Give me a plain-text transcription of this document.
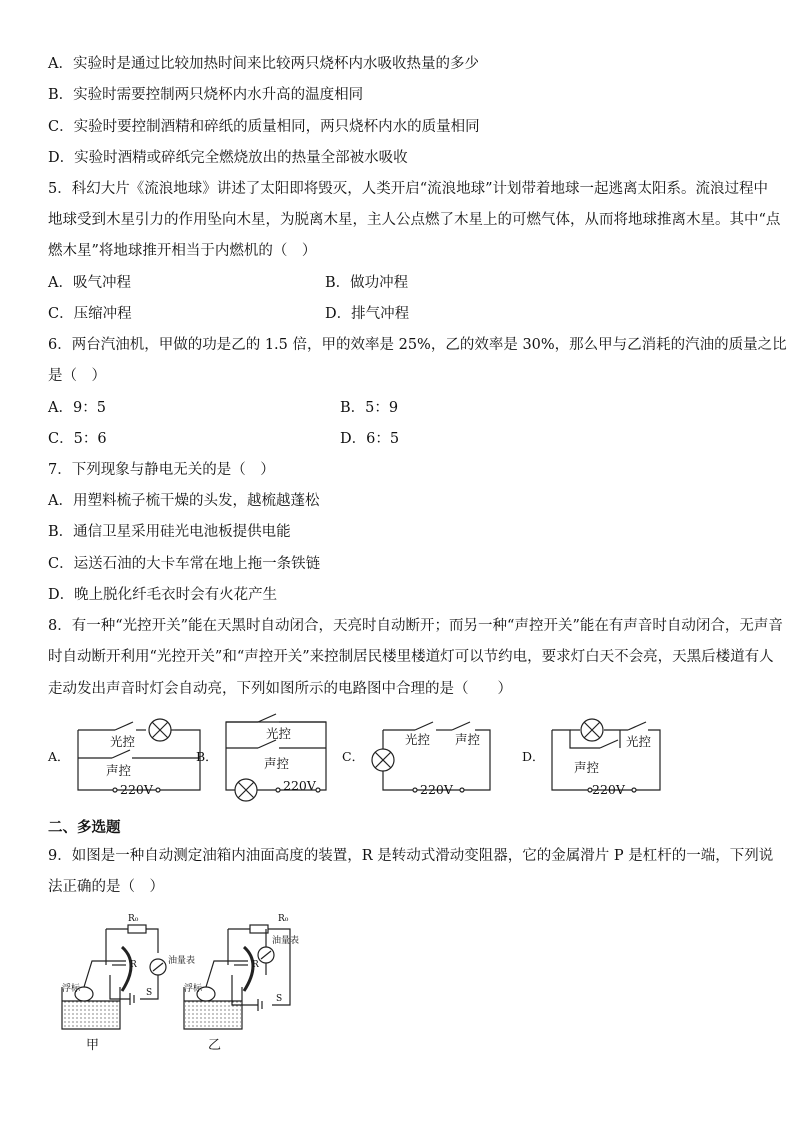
A．实验时是通过比较加热时间来比较两只烧杯内水吸收热量的多少
B．实验时需要控制两只烧杯内水升高的温度相同
C．实验时要控制酒精和碎纸的质量相同，两只烧杯内水的质量相同
D．实验时酒精或碎纸完全燃烧放出的热量全部被水吸收
5．科幻大片《流浪地球》讲述了太阳即将毁灭，人类开启“流浪地球”计划带着地球一起逃离太阳系。流浪过程中
地球受到木星引力的作用坠向木星，为脱离木星，主人公点燃了木星上的可燃气体，从而将地球推离木星。其中“点
燃木星”将地球推开相当于内燃机的（　）
A．吸气冲程	B．做功冲程
C．压缩冲程	D．排气冲程
6．两台汽油机，甲做的功是乙的 1.5 倍，甲的效率是 25%，乙的效率是 30%，那么甲与乙消耗的汽油的质量之比
是（　）
A．9：5	B．5：9
C．5：6	D．6：5
7．下列现象与静电无关的是（　）
A．用塑料梳子梳干燥的头发，越梳越蓬松
B．通信卫星采用硅光电池板提供电能
C．运送石油的大卡车常在地上拖一条铁链
D．晚上脱化纤毛衣时会有火花产生
8．有一种“光控开关”能在天黑时自动闭合，天亮时自动断开；而另一种“声控开关”能在有声音时自动闭合，无声音
时自动断开利用“光控开关”和“声控开关”来控制居民楼里楼道灯可以节约电，要求灯白天不会亮，天黑后楼道有人
走动发出声音时灯会自动亮，下列如图所示的电路图中合理的是（　　）
A．
光控
声控
220V
B．
光控
声控
220V
C．
光控 声控
220V
D．
光控
声控
220V
二、多选题
9．如图是一种自动测定油箱内油面高度的装置，R 是转动式滑动变阻器，它的金属滑片 P 是杠杆的一端，下列说
法正确的是（　）
R₀
R	油量表
浮标	S
甲
R₀
R
油量表
浮标
S
乙
